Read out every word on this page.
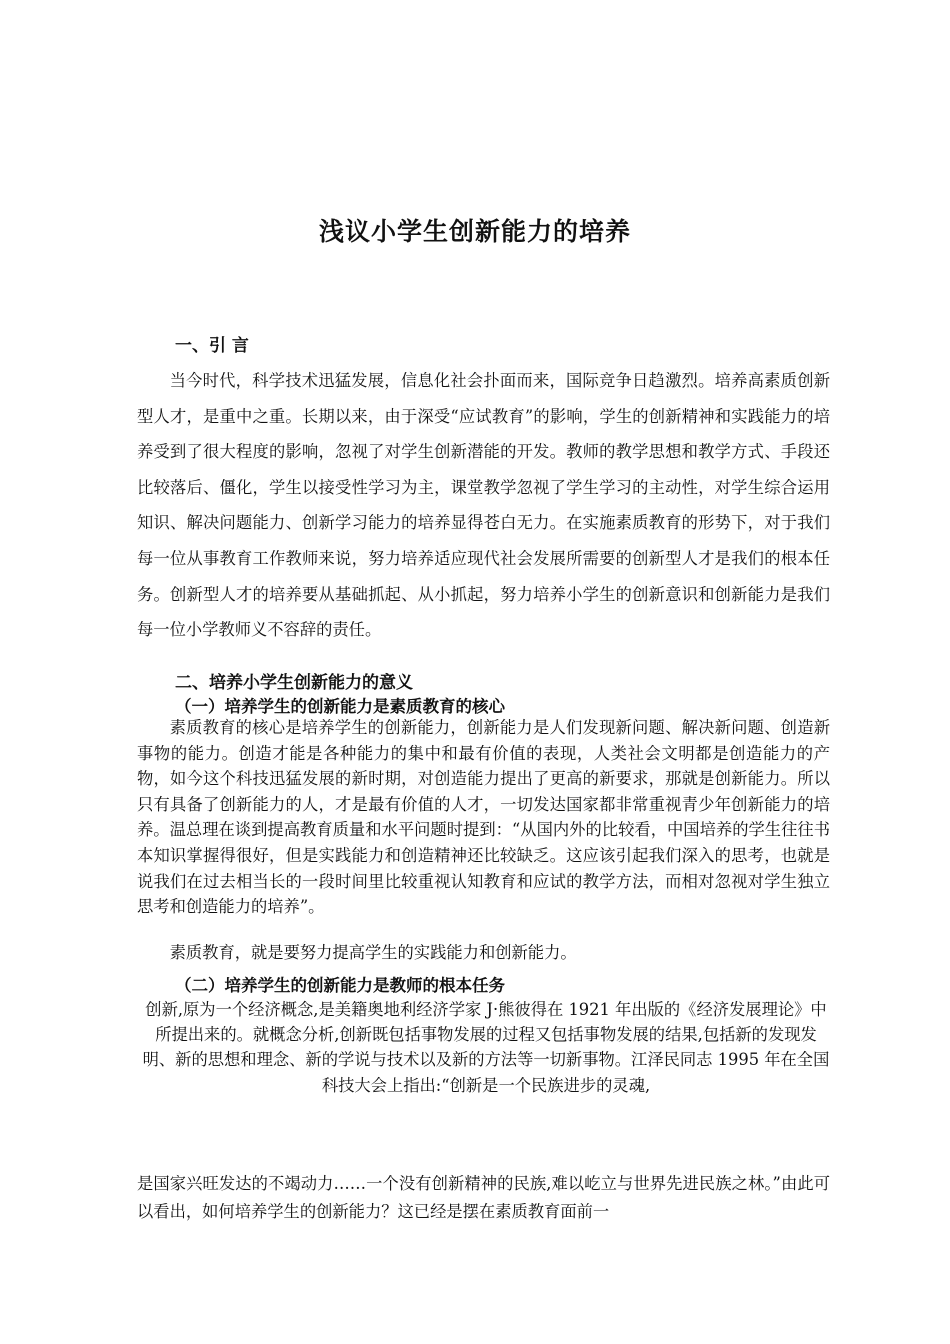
浅议小学生创新能力的培养
一、引 言

当今时代，科学技术迅猛发展，信息化社会扑面而来，国际竞争日趋激烈。培养高素质创新型人才，是重中之重。长期以来，由于深受“应试教育”的影响，学生的创新精神和实践能力的培养受到了很大程度的影响，忽视了对学生创新潜能的开发。教师的教学思想和教学方式、手段还比较落后、僵化，学生以接受性学习为主，课堂教学忽视了学生学习的主动性，对学生综合运用知识、解决问题能力、创新学习能力的培养显得苍白无力。在实施素质教育的形势下，对于我们每一位从事教育工作教师来说，努力培养适应现代社会发展所需要的创新型人才是我们的根本任务。创新型人才的培养要从基础抓起、从小抓起，努力培养小学生的创新意识和创新能力是我们每一位小学教师义不容辞的责任。

二、培养小学生创新能力的意义
（一）培养学生的创新能力是素质教育的核心

素质教育的核心是培养学生的创新能力，创新能力是人们发现新问题、解决新问题、创造新事物的能力。创造才能是各种能力的集中和最有价值的表现，人类社会文明都是创造能力的产物，如今这个科技迅猛发展的新时期，对创造能力提出了更高的新要求，那就是创新能力。所以只有具备了创新能力的人，才是最有价值的人才，一切发达国家都非常重视青少年创新能力的培养。温总理在谈到提高教育质量和水平问题时提到：“从国内外的比较看，中国培养的学生往往书本知识掌握得很好，但是实践能力和创造精神还比较缺乏。这应该引起我们深入的思考，也就是说我们在过去相当长的一段时间里比较重视认知教育和应试的教学方法，而相对忽视对学生独立思考和创造能力的培养”。

素质教育，就是要努力提高学生的实践能力和创新能力。

（二）培养学生的创新能力是教师的根本任务

创新,原为一个经济概念,是美籍奥地利经济学家 J·熊彼得在 1921 年出版的《经济发展理论》中所提出来的。就概念分析,创新既包括事物发展的过程又包括事物发展的结果,包括新的发现发明、新的思想和理念、新的学说与技术以及新的方法等一切新事物。江泽民同志 1995 年在全国科技大会上指出:“创新是一个民族进步的灵魂,

是国家兴旺发达的不竭动力……一个没有创新精神的民族,难以屹立与世界先进民族之林。”由此可以看出，如何培养学生的创新能力？这已经是摆在素质教育面前一
